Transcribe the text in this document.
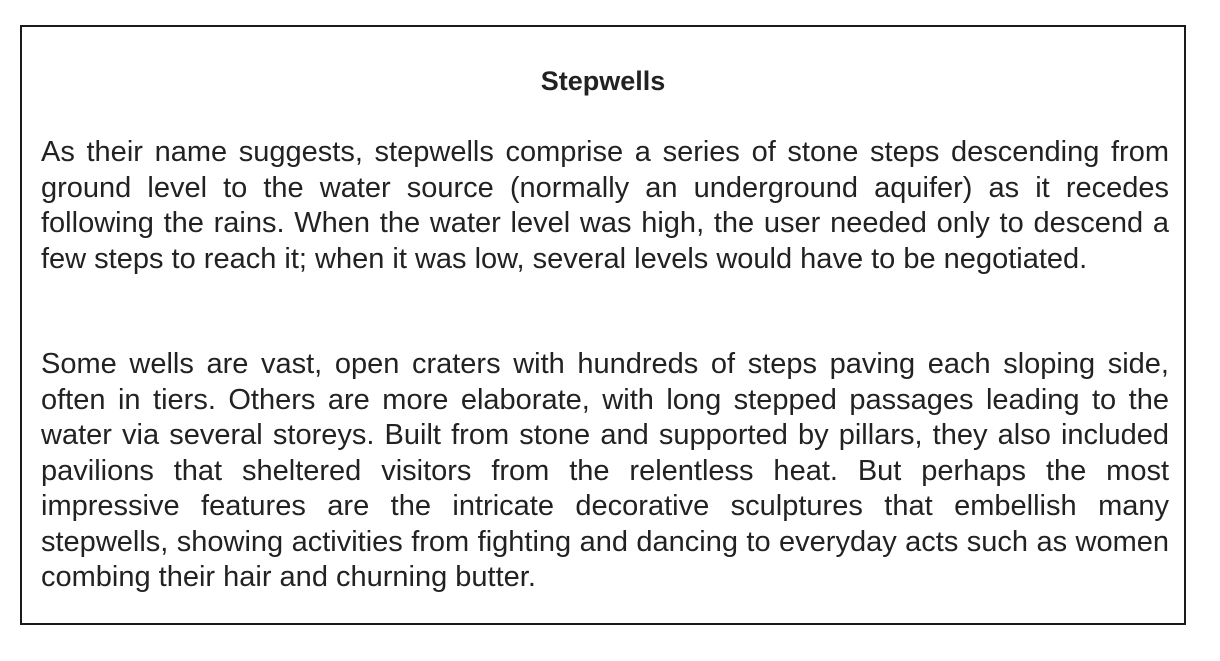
Stepwells

As their name suggests, stepwells comprise a series of stone steps descending from ground level to the water source (normally an underground aquifer) as it recedes following the rains. When the water level was high, the user needed only to descend a few steps to reach it; when it was low, several levels would have to be negotiated.

Some wells are vast, open craters with hundreds of steps paving each sloping side, often in tiers. Others are more elaborate, with long stepped passages leading to the water via several storeys. Built from stone and supported by pillars, they also included pavilions that sheltered visitors from the relentless heat. But perhaps the most impressive features are the intricate decorative sculptures that embellish many stepwells, showing activities from fighting and dancing to everyday acts such as women combing their hair and churning butter.
